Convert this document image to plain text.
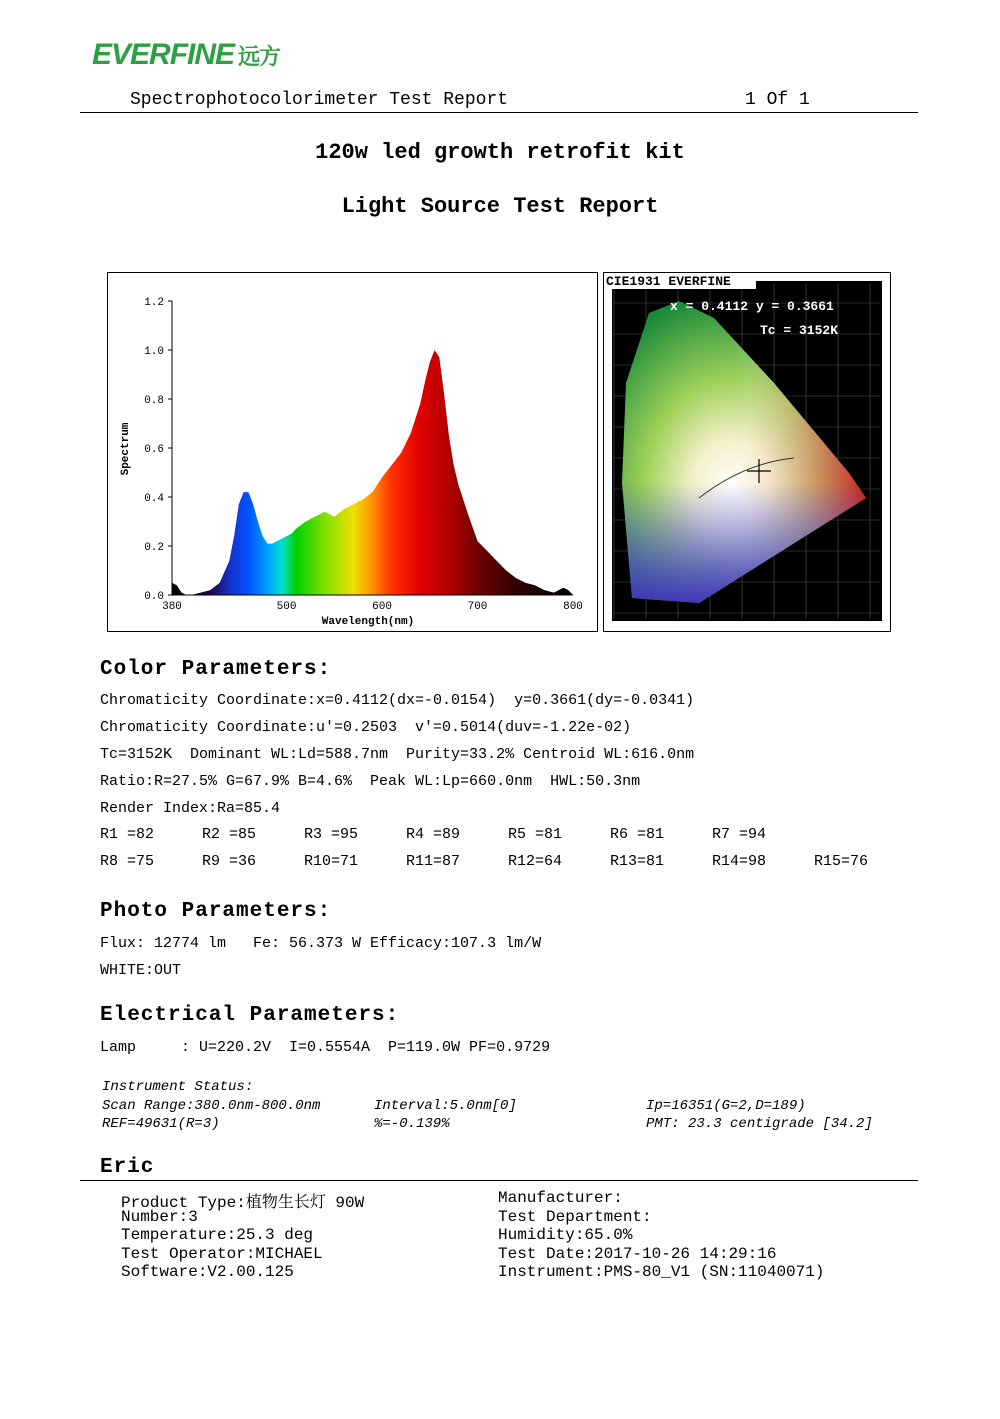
EVERFINE 远方
Spectrophotocolorimeter Test Report	1 Of 1
120w led growth retrofit kit
Light Source Test Report
0.0
0.2
0.4
0.6
0.8
1.0
1.2
380	500	600	700	800
Spectrum
Wavelength(nm)
CIE1931 EVERFINE
x = 0.4112 y = 0.3661
Tc = 3152K
Color Parameters:
Chromaticity Coordinate:x=0.4112(dx=-0.0154)  y=0.3661(dy=-0.0341)
Chromaticity Coordinate:u'=0.2503  v'=0.5014(duv=-1.22e-02)
Tc=3152K  Dominant WL:Ld=588.7nm  Purity=33.2% Centroid WL:616.0nm
Ratio:R=27.5% G=67.9% B=4.6%  Peak WL:Lp=660.0nm  HWL:50.3nm
Render Index:Ra=85.4
R1 =82	R2 =85	R3 =95	R4 =89	R5 =81	R6 =81	R7 =94
R8 =75	R9 =36	R10=71	R11=87	R12=64	R13=81	R14=98	R15=76
Photo Parameters:
Flux: 12774 lm   Fe: 56.373 W Efficacy:107.3 lm/W
WHITE:OUT
Electrical Parameters:
Lamp     : U=220.2V  I=0.5554A  P=119.0W PF=0.9729
Instrument Status:
Scan Range:380.0nm-800.0nm	Interval:5.0nm[0]	Ip=16351(G=2,D=189)
REF=49631(R=3)	%=-0.139%	PMT: 23.3 centigrade [34.2]
Eric
Product Type:植物生长灯 90W
Number:3
Temperature:25.3 deg
Test Operator:MICHAEL
Software:V2.00.125
Manufacturer:
Test Department:
Humidity:65.0%
Test Date:2017-10-26 14:29:16
Instrument:PMS-80_V1 (SN:11040071)
